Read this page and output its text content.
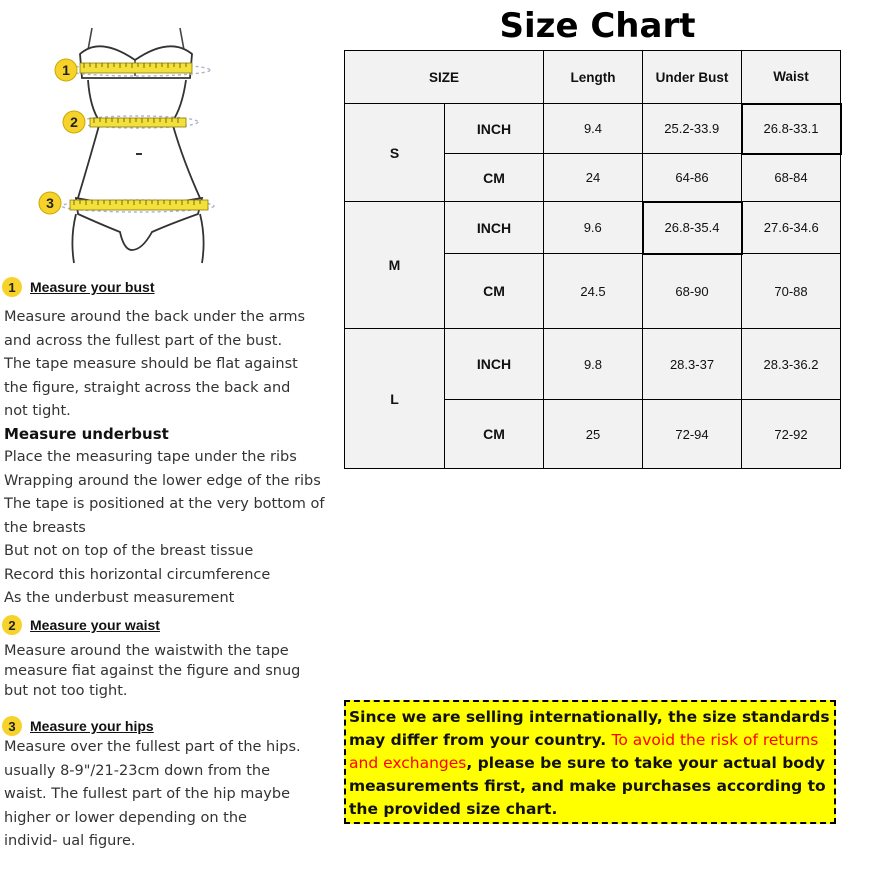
1
2
3
1	Measure your bust
Measure around the back under the arms
and across the fullest part of the bust.
The tape measure should be flat against
the figure, straight across the back and
not tight.
Measure underbust
Place the measuring tape under the ribs
Wrapping around the lower edge of the ribs
The tape is positioned at the very bottom of
the breasts
But not on top of the breast tissue
Record this horizontal circumference
As the underbust measurement
2	Measure your waist
Measure around the waistwith the tape
measure fiat against the figure and snug
but not too tight.
3	Measure your hips
Measure over the fullest part of the hips.
usually 8-9"/21-23cm down from the
waist. The fullest part of the hip maybe
higher or lower depending on the
individ- ual figure.
Size Chart
SIZE		Length	Under Bust	Waist
S	INCH	9.4	25.2-33.9	26.8-33.1
	CM	24	64-86	68-84
M	INCH	9.6	26.8-35.4	27.6-34.6
	CM	24.5	68-90	70-88
L	INCH	9.8	28.3-37	28.3-36.2
	CM	25	72-94	72-92
Since we are selling internationally, the size standards may differ from your country. To avoid the risk of returns and exchanges, please be sure to take your actual body measurements first, and make purchases according to the provided size chart.
